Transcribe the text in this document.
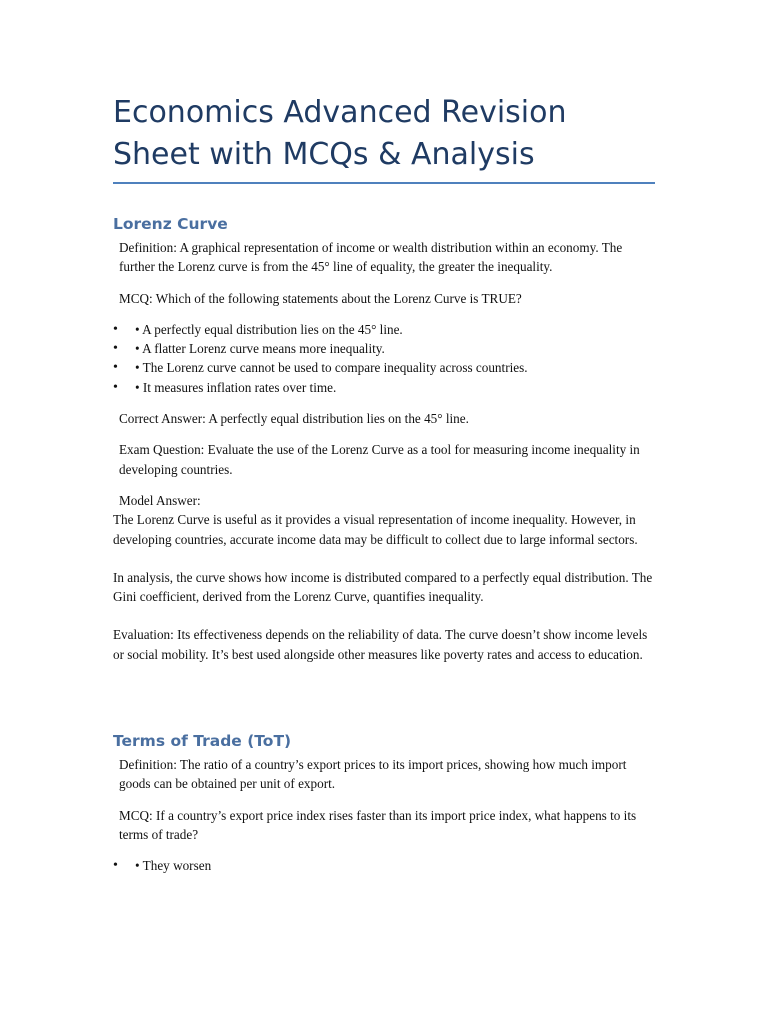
Economics Advanced Revision Sheet with MCQs & Analysis
Lorenz Curve

Definition: A graphical representation of income or wealth distribution within an economy. The further the Lorenz curve is from the 45° line of equality, the greater the inequality.

MCQ: Which of the following statements about the Lorenz Curve is TRUE?

• • A perfectly equal distribution lies on the 45° line.
• • A flatter Lorenz curve means more inequality.
• • The Lorenz curve cannot be used to compare inequality across countries.
• • It measures inflation rates over time.

Correct Answer: A perfectly equal distribution lies on the 45° line.

Exam Question: Evaluate the use of the Lorenz Curve as a tool for measuring income inequality in developing countries.

Model Answer:

The Lorenz Curve is useful as it provides a visual representation of income inequality. However, in developing countries, accurate income data may be difficult to collect due to large informal sectors.

In analysis, the curve shows how income is distributed compared to a perfectly equal distribution. The Gini coefficient, derived from the Lorenz Curve, quantifies inequality.

Evaluation: Its effectiveness depends on the reliability of data. The curve doesn’t show income levels or social mobility. It’s best used alongside other measures like poverty rates and access to education.

Terms of Trade (ToT)

Definition: The ratio of a country’s export prices to its import prices, showing how much import goods can be obtained per unit of export.

MCQ: If a country’s export price index rises faster than its import price index, what happens to its terms of trade?

• • They worsen
